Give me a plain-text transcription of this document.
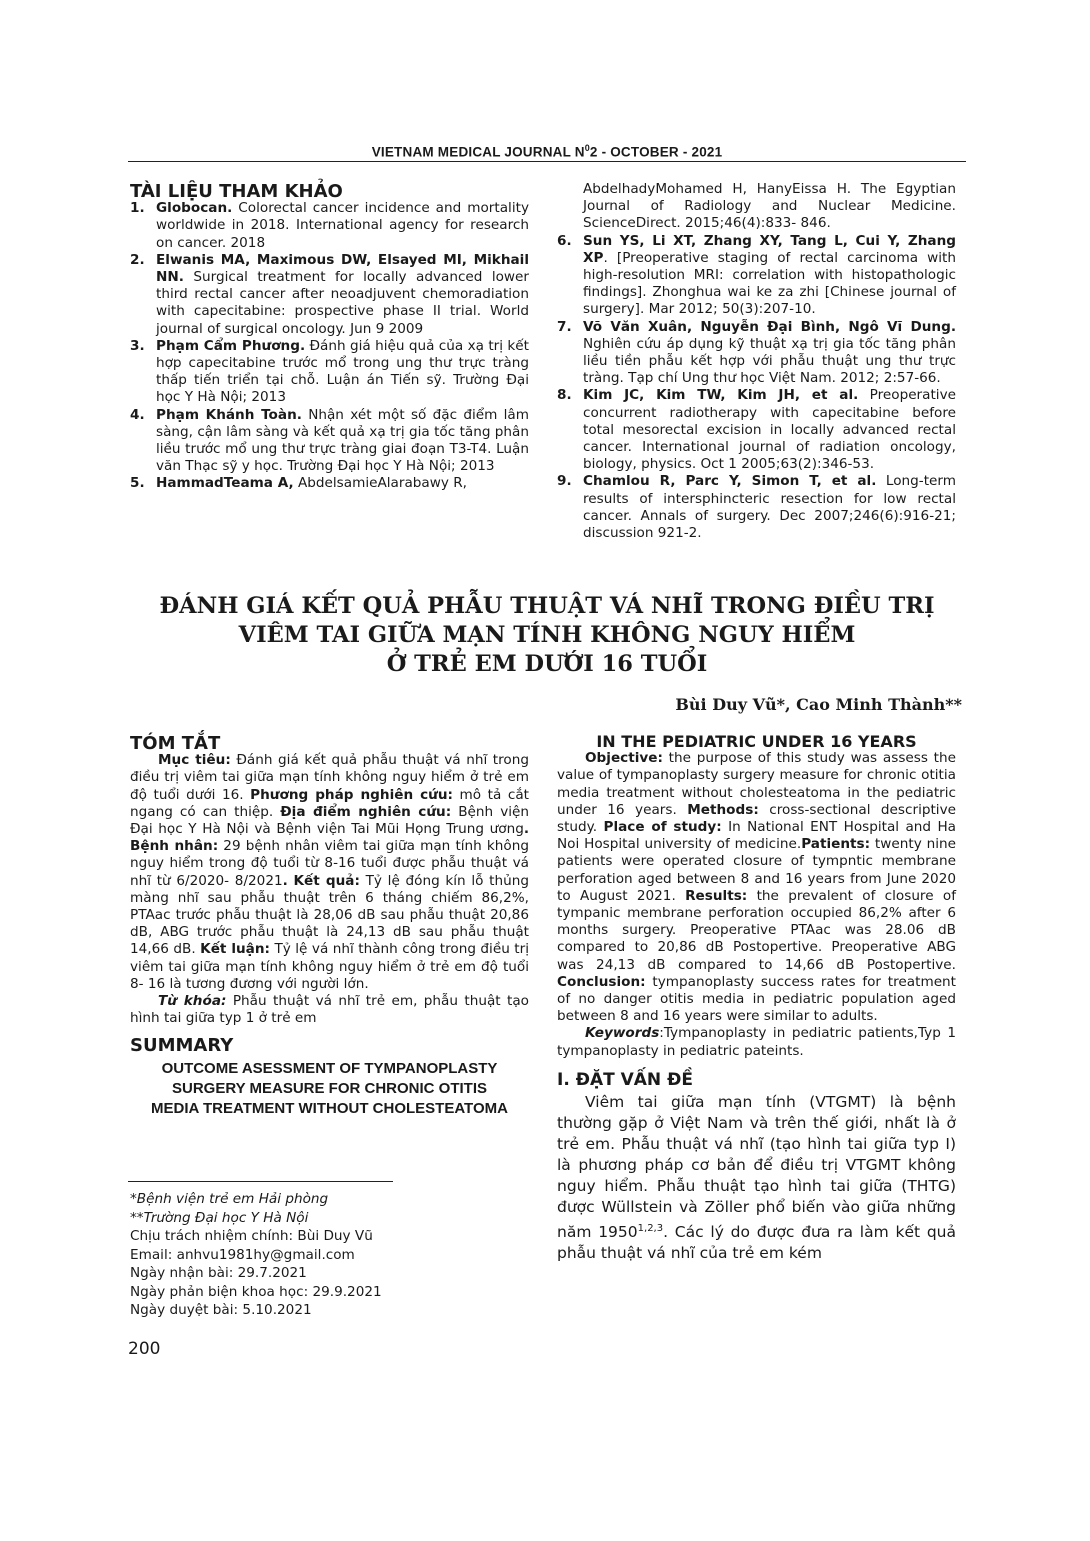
VIETNAM MEDICAL JOURNAL $N^02$ - OCTOBER - 2021
TÀI LIỆU THAM KHẢO
1. Globocan. Colorectal cancer incidence and mortality worldwide in 2018. International agency for research on cancer. 2018
2. Elwanis MA, Maximous DW, Elsayed MI, Mikhail NN. Surgical treatment for locally advanced lower third rectal cancer after neoadjuvent chemoradiation with capecitabine: prospective phase II trial. World journal of surgical oncology. Jun 9 2009
3. Phạm Cẩm Phương. Đánh giá hiệu quả của xạ trị kết hợp capecitabine trước mổ trong ung thư trực tràng thấp tiến triển tại chỗ. Luận án Tiến sỹ. Trường Đại học Y Hà Nội; 2013
4. Phạm Khánh Toàn. Nhận xét một số đặc điểm lâm sàng, cận lâm sàng và kết quả xạ trị gia tốc tăng phân liều trước mổ ung thư trực tràng giai đoạn T3-T4. Luận văn Thạc sỹ y học. Trường Đại học Y Hà Nội; 2013
5. HammadTeama A, AbdelsamieAlarabawy R,
AbdelhadyMohamed H, HanyEissa H. The Egyptian Journal of Radiology and Nuclear Medicine. ScienceDirect. 2015;46(4):833- 846.
6. Sun YS, Li XT, Zhang XY, Tang L, Cui Y, Zhang XP. [Preoperative staging of rectal carcinoma with high-resolution MRI: correlation with histopathologic findings]. Zhonghua wai ke za zhi [Chinese journal of surgery]. Mar 2012; 50(3):207-10.
7. Võ Văn Xuân, Nguyễn Đại Bình, Ngô Vĩ Dung. Nghiên cứu áp dụng kỹ thuật xạ trị gia tốc tăng phân liều tiền phẫu kết hợp với phẫu thuật ung thư trực tràng. Tạp chí Ung thư học Việt Nam. 2012; 2:57-66.
8. Kim JC, Kim TW, Kim JH, et al. Preoperative concurrent radiotherapy with capecitabine before total mesorectal excision in locally advanced rectal cancer. International journal of radiation oncology, biology, physics. Oct 1 2005;63(2):346-53.
9. Chamlou R, Parc Y, Simon T, et al. Long-term results of intersphincteric resection for low rectal cancer. Annals of surgery. Dec 2007;246(6):916-21; discussion 921-2.
ĐÁNH GIÁ KẾT QUẢ PHẪU THUẬT VÁ NHĨ TRONG ĐIỀU TRỊ
VIÊM TAI GIỮA MẠN TÍNH KHÔNG NGUY HIỂM
Ở TRẺ EM DƯỚI 16 TUỔI
Bùi Duy Vũ*, Cao Minh Thành**
TÓM TẮT

Mục tiêu: Đánh giá kết quả phẫu thuật vá nhĩ trong điều trị viêm tai giữa mạn tính không nguy hiểm ở trẻ em độ tuổi dưới 16. Phương pháp nghiên cứu: mô tả cắt ngang có can thiệp. Địa điểm nghiên cứu: Bệnh viện Đại học Y Hà Nội và Bệnh viện Tai Mũi Họng Trung ương. Bệnh nhân: 29 bệnh nhân viêm tai giữa mạn tính không nguy hiểm trong độ tuổi từ 8-16 tuổi được phẫu thuật vá nhĩ từ 6/2020- 8/2021. Kết quả: Tỷ lệ đóng kín lỗ thủng màng nhĩ sau phẫu thuật trên 6 tháng chiếm 86,2%, PTAac trước phẫu thuật là 28,06 dB sau phẫu thuật 20,86 dB, ABG trước phẫu thuật là 24,13 dB sau phẫu thuật 14,66 dB. Kết luận: Tỷ lệ vá nhĩ thành công trong điều trị viêm tai giữa mạn tính không nguy hiểm ở trẻ em độ tuổi 8- 16 là tương đương với người lớn.

Từ khóa: Phẫu thuật vá nhĩ trẻ em, phẫu thuật tạo hình tai giữa typ 1 ở trẻ em

SUMMARY
OUTCOME ASESSMENT OF TYMPANOPLASTY
SURGERY MEASURE FOR CHRONIC OTITIS
MEDIA TREATMENT WITHOUT CHOLESTEATOMA
*Bệnh viện trẻ em Hải phòng
**Trường Đại học Y Hà Nội
Chịu trách nhiệm chính: Bùi Duy Vũ
Email: anhvu1981hy@gmail.com
Ngày nhận bài: 29.7.2021
Ngày phản biện khoa học: 29.9.2021
Ngày duyệt bài: 5.10.2021
200
IN THE PEDIATRIC UNDER 16 YEARS

Objective: the purpose of this study was assess the value of tympanoplasty surgery measure for chronic otitia media treatment without cholesteatoma in the pediatric under 16 years. Methods: cross-sectional descriptive study. Place of study: In National ENT Hospital and Ha Noi Hospital university of medicine.Patients: twenty nine patients were operated closure of tympntic membrane perforation aged between 8 and 16 years from June 2020 to August 2021. Results: the prevalent of closure of tympanic membrane perforation occupied 86,2% after 6 months surgery. Preoperative PTAac was 28.06 dB compared to 20,86 dB Postopertive. Preoperative ABG was 24,13 dB compared to 14,66 dB Postopertive. Conclusion: tympanoplasty success rates for treatment of no danger otitis media in pediatric population aged between 8 and 16 years were similar to adults.

Keywords:Tympanoplasty in pediatric patients,Typ 1 tympanoplasty in pediatric pateints.

I. ĐẶT VẤN ĐỀ

Viêm tai giữa mạn tính (VTGMT) là bệnh thường gặp ở Việt Nam và trên thế giới, nhất là ở trẻ em. Phẫu thuật vá nhĩ (tạo hình tai giữa typ I) là phương pháp cơ bản để điều trị VTGMT không nguy hiểm. Phẫu thuật tạo hình tai giữa (THTG) được Wüllstein và Zöller phổ biến vào giữa những năm 1950$^{1,2,3}$. Các lý do được đưa ra làm kết quả phẫu thuật vá nhĩ của trẻ em kém
